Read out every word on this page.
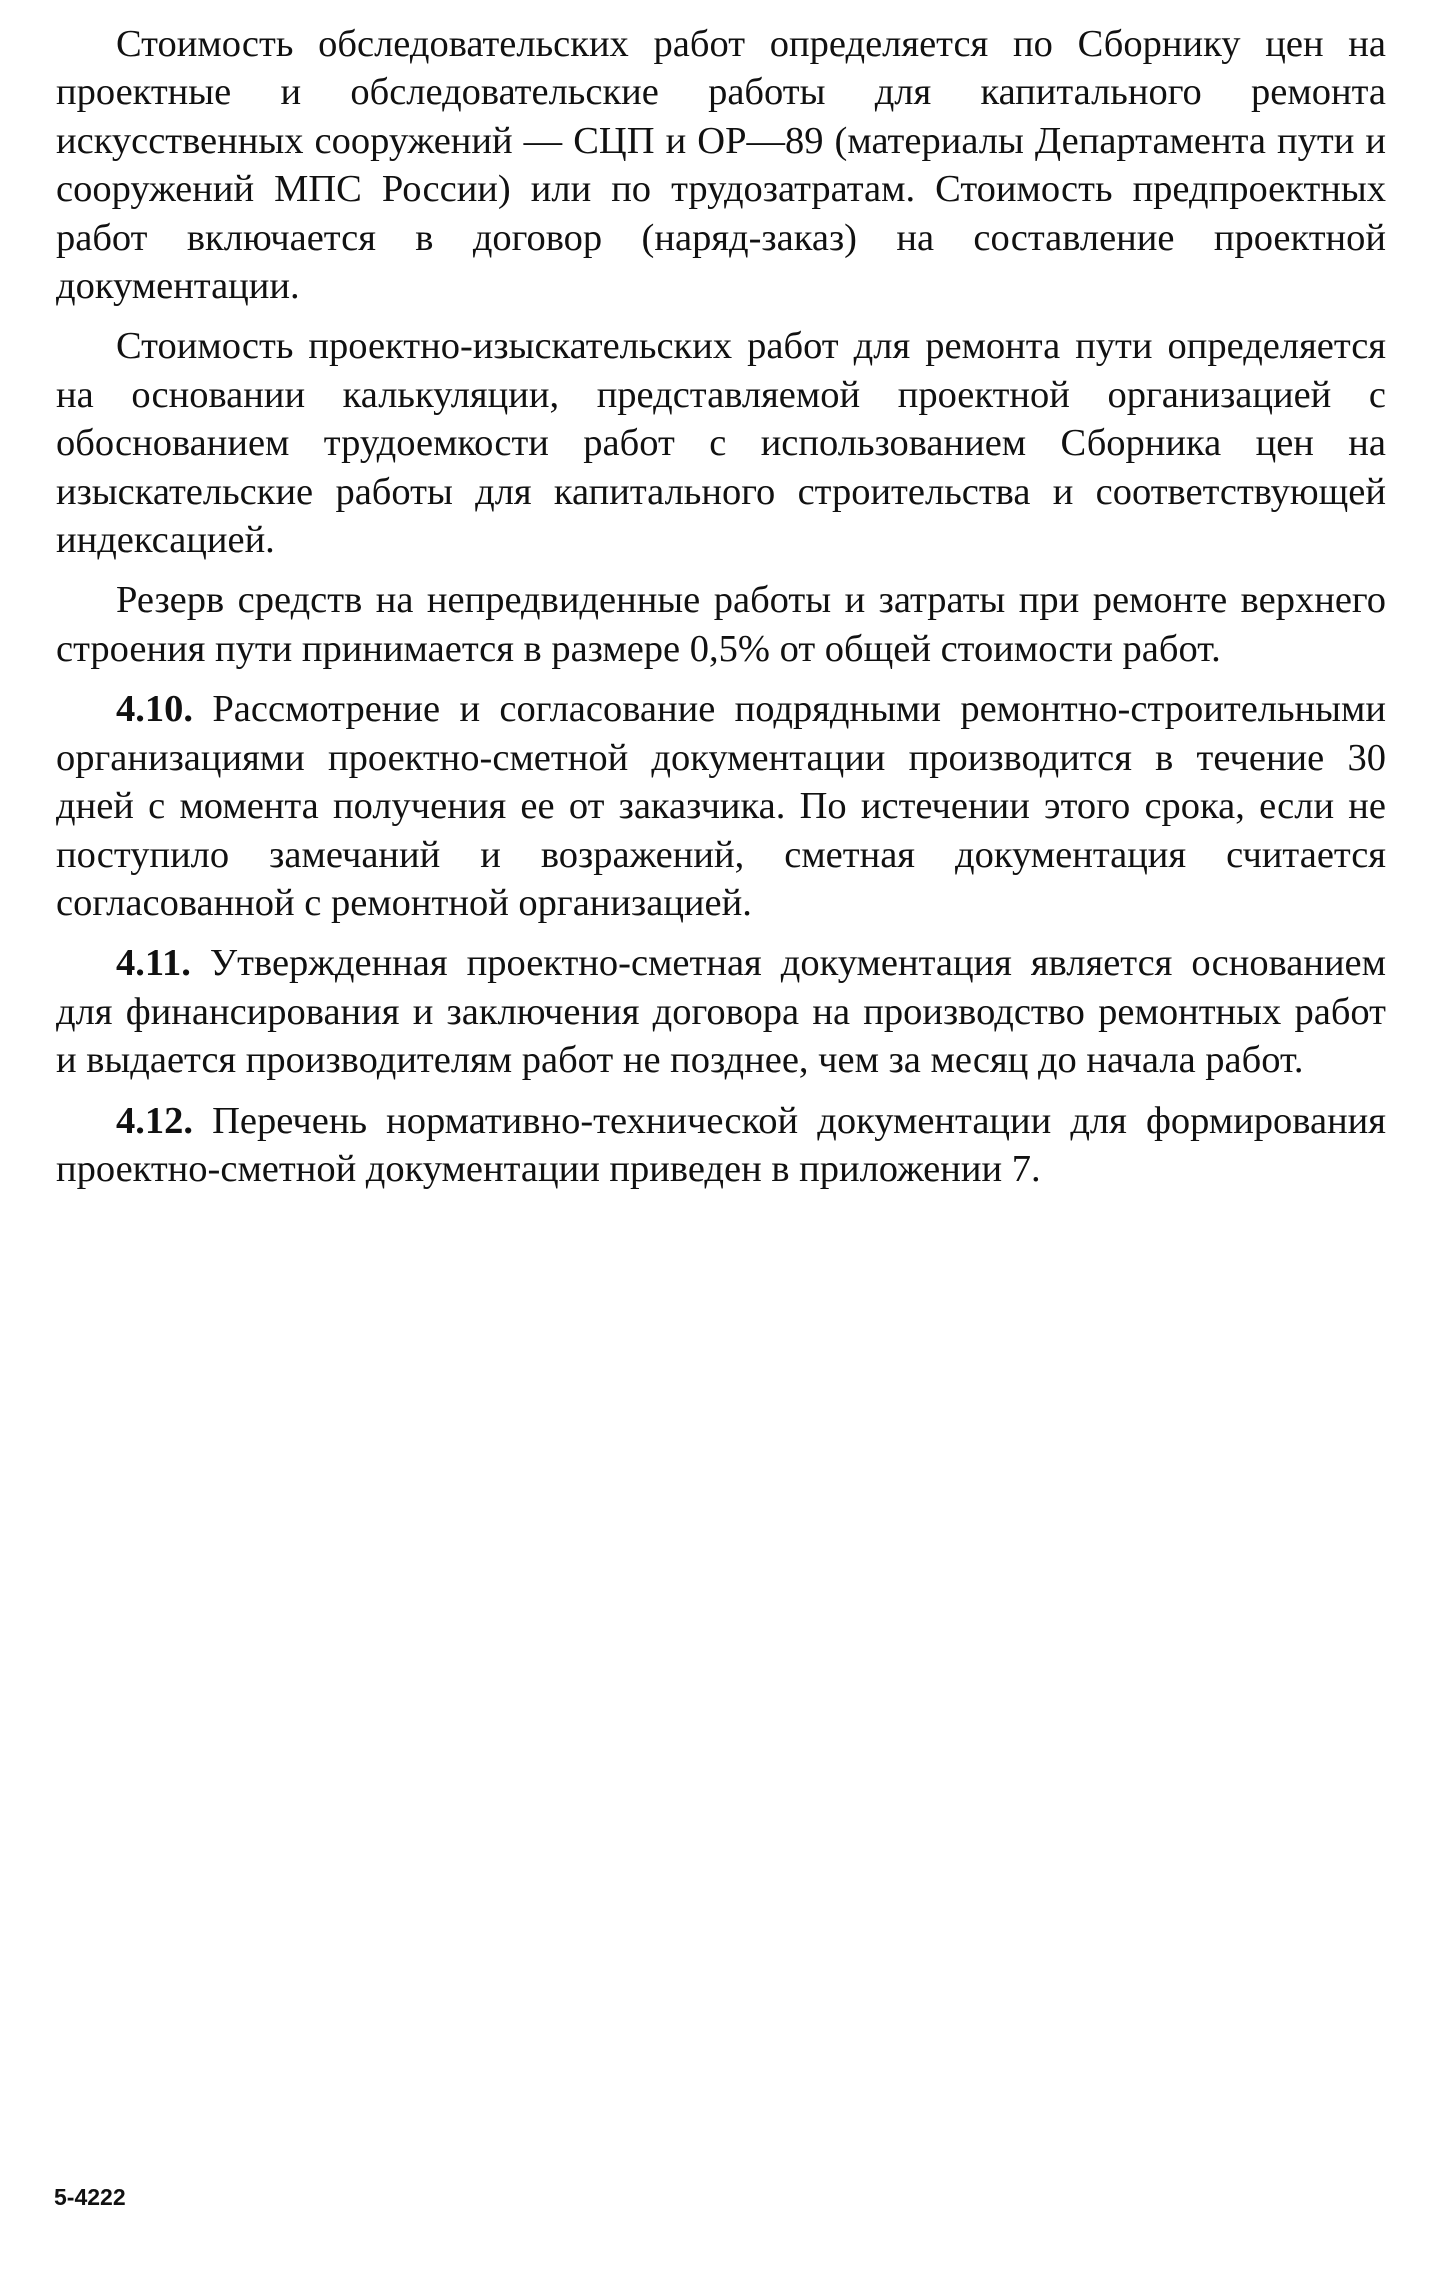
Стоимость обследовательских работ определяется по Сборнику цен на проектные и обследовательские работы для капитального ремонта искусственных сооружений — СЦП и ОР—89 (материалы Департамента пути и сооружений МПС России) или по трудозатратам. Стоимость предпроектных работ включается в договор (наряд-заказ) на составление проектной документации.

Стоимость проектно-изыскательских работ для ремонта пути определяется на основании калькуляции, представляемой проектной организацией с обоснованием трудоемкости работ с использованием Сборника цен на изыскательские работы для капитального строительства и соответствующей индексацией.

Резерв средств на непредвиденные работы и затраты при ремонте верхнего строения пути принимается в размере 0,5% от общей стоимости работ.

4.10. Рассмотрение и согласование подрядными ремонтно-строительными организациями проектно-сметной документации производится в течение 30 дней с момента получения ее от заказчика. По истечении этого срока, если не поступило замечаний и возражений, сметная документация считается согласованной с ремонтной организацией.

4.11. Утвержденная проектно-сметная документация является основанием для финансирования и заключения договора на производство ремонтных работ и выдается производителям работ не позднее, чем за месяц до начала работ.

4.12. Перечень нормативно-технической документации для формирования проектно-сметной документации приведен в приложении 7.

5-4222
